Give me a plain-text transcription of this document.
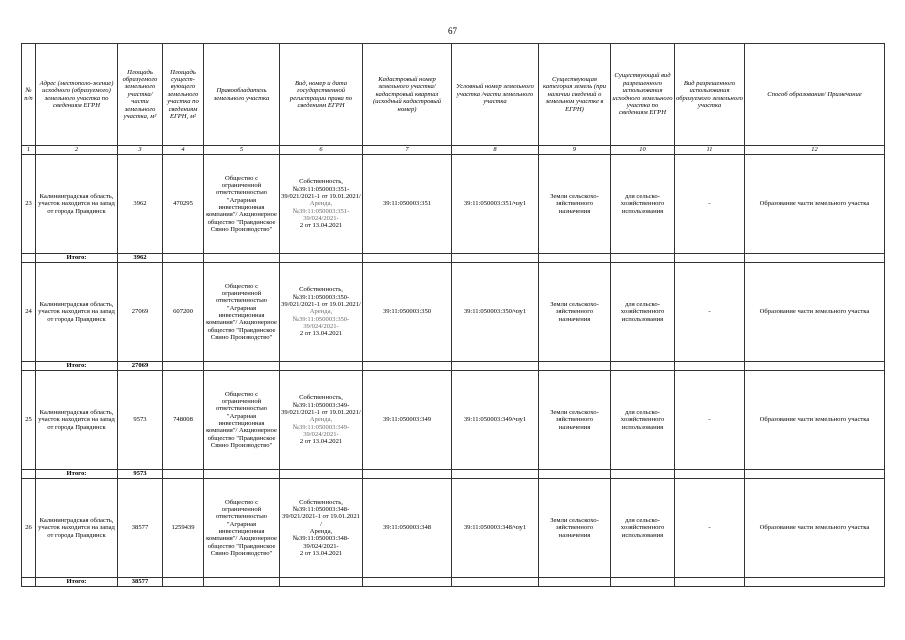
67
№ п/п	Адрес (местополо-жение) исходного (образуемого) земельного участка по сведениям ЕГРН	Площадь образуемого земельного участка/ части земельного участка, м²	Площадь сущест-вующего земельного участка по сведениям ЕГРН, м²	Правообладатель земельного участка	Вид, номер и дата государственной регистрации права по сведениям ЕГРН	Кадастровый номер земельного участка/ кадастровый квартал (исходный кадастровый номер)	Условный номер земельного участка /части земельного участка	Существующая категория земель (при наличии сведений о земельном участке в ЕГРН)	Существующий вид разрешенного использования исходного земельного участка по сведениям ЕГРН	Вид разрешенного использования образуемого земельного участка	Способ образования/ Примечание
1	2	3	4	5	6	7	8	9	10	11	12
23	Калининградская область, участок находится на запад от города Правдинск	3962	470295	Общество с ограниченной ответственностью "Аграрная инвестиционная компания"/ Акционерное общество "Правдинское Свино Производство"	Собственность, №39:11:050003:351-39/021/2021-1 от 19.01.2021/
Аренда, №39:11:050003:351-39/024/2021-
2 от 13.04.2021	39:11:050003:351	39:11:050003:351/чзу1	Земли сельскохо-зяйственного назначения	для сельско-хозяйственного использования	-	Образование части земельного участка
	Итого:	3962									
24	Калининградская область, участок находится на запад от города Правдинск	27069	607200	Общество с ограниченной ответственностью "Аграрная инвестиционная компания"/ Акционерное общество "Правдинское Свино Производство"	Собственность, №39:11:050003:350-39/021/2021-1 от 19.01.2021/
Аренда, №39:11:050003:350-39/024/2021-
2 от 13.04.2021	39:11:050003:350	39:11:050003:350/чзу1	Земли сельскохо-зяйственного назначения	для сельско-хозяйственного использования	-	Образование части земельного участка
	Итого:	27069									
25	Калининградская область, участок находится на запад от города Правдинск	9573	748008	Общество с ограниченной ответственностью "Аграрная инвестиционная компания"/ Акционерное общество "Правдинское Свино Производство"	Собственность, №39:11:050003:349-39/021/2021-1 от 19.01.2021/
Аренда, №39:11:050003:349-39/024/2021-
2 от 13.04.2021	39:11:050003:349	39:11:050003:349/чзу1	Земли сельскохо-зяйственного назначения	для сельско-хозяйственного использования	-	Образование части земельного участка
	Итого:	9573									
26	Калининградская область, участок находится на запад от города Правдинск	38577	1259439	Общество с ограниченной ответственностью "Аграрная инвестиционная компания"/ Акционерное общество "Правдинское Свино Производство"	Собственность, №39:11:050003:348-39/021/2021-1 от 19.01.2021 /
Аренда, №39:11:050003:348-39/024/2021-
2 от 13.04.2021	39:11:050003:348	39:11:050003:348/чзу1	Земли сельскохо-зяйственного назначения	для сельско-хозяйственного использования	-	Образование части земельного участка
	Итого:	38577									
